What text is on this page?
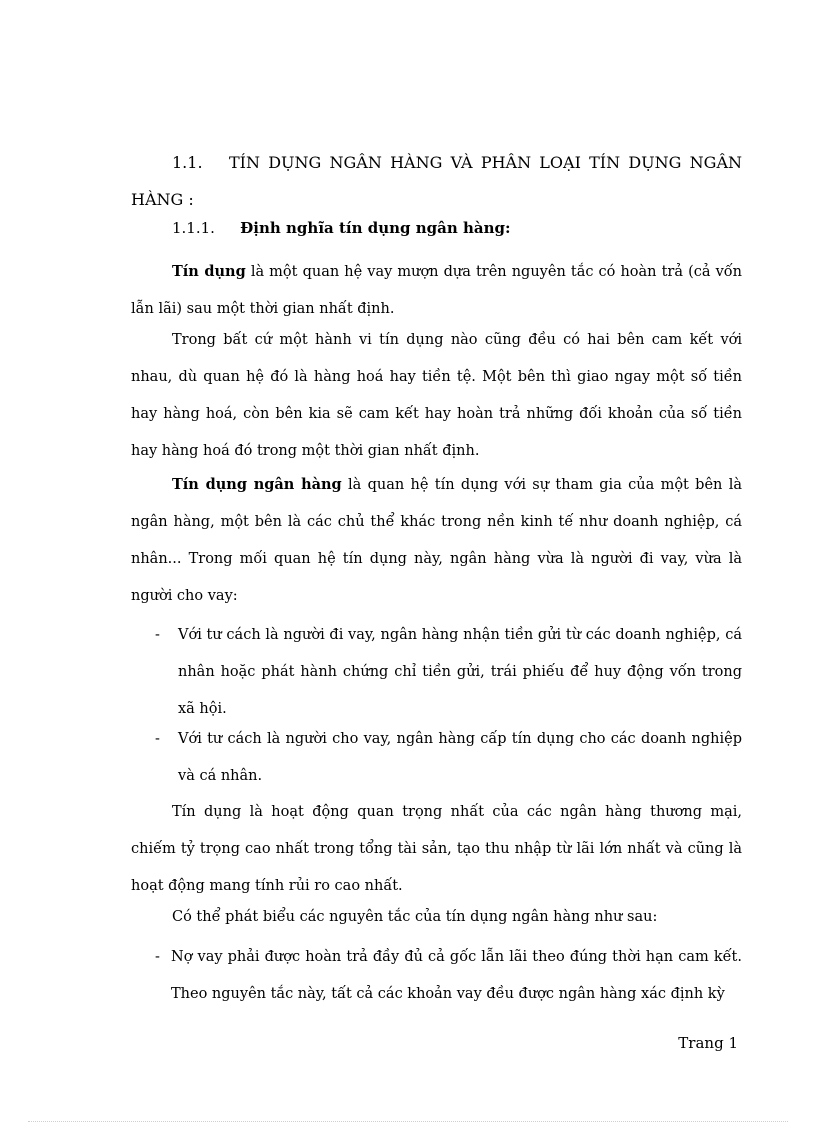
1.1.	TÍN DỤNG NGÂN HÀNG VÀ PHÂN LOẠI TÍN DỤNG NGÂN
HÀNG :
1.1.1. Định nghĩa tín dụng ngân hàng:
Tín dụng là một quan hệ vay mượn dựa trên nguyên tắc có hoàn trả (cả vốn lẫn lãi) sau một thời gian nhất định.
Trong bất cứ một hành vi tín dụng nào cũng đều có hai bên cam kết với nhau, dù quan hệ đó là hàng hoá hay tiền tệ. Một bên thì giao ngay một số tiền hay hàng hoá, còn bên kia sẽ cam kết hay hoàn trả những đối khoản của số tiền hay hàng hoá đó trong một thời gian nhất định.
Tín dụng ngân hàng là quan hệ tín dụng với sự tham gia của một bên là ngân hàng, một bên là các chủ thể khác trong nền kinh tế như doanh nghiệp, cá nhân... Trong mối quan hệ tín dụng này, ngân hàng vừa là người đi vay, vừa là người cho vay:
- Với tư cách là người đi vay, ngân hàng nhận tiền gửi từ các doanh nghiệp, cá nhân hoặc phát hành chứng chỉ tiền gửi, trái phiếu để huy động vốn trong xã hội.
- Với tư cách là người cho vay, ngân hàng cấp tín dụng cho các doanh nghiệp và cá nhân.
Tín dụng là hoạt động quan trọng nhất của các ngân hàng thương mại, chiếm tỷ trọng cao nhất trong tổng tài sản, tạo thu nhập từ lãi lớn nhất và cũng là hoạt động mang tính rủi ro cao nhất.
Có thể phát biểu các nguyên tắc của tín dụng ngân hàng như sau:
- Nợ vay phải được hoàn trả đầy đủ cả gốc lẫn lãi theo đúng thời hạn cam kết. Theo nguyên tắc này, tất cả các khoản vay đều được ngân hàng xác định kỳ
Trang 1
